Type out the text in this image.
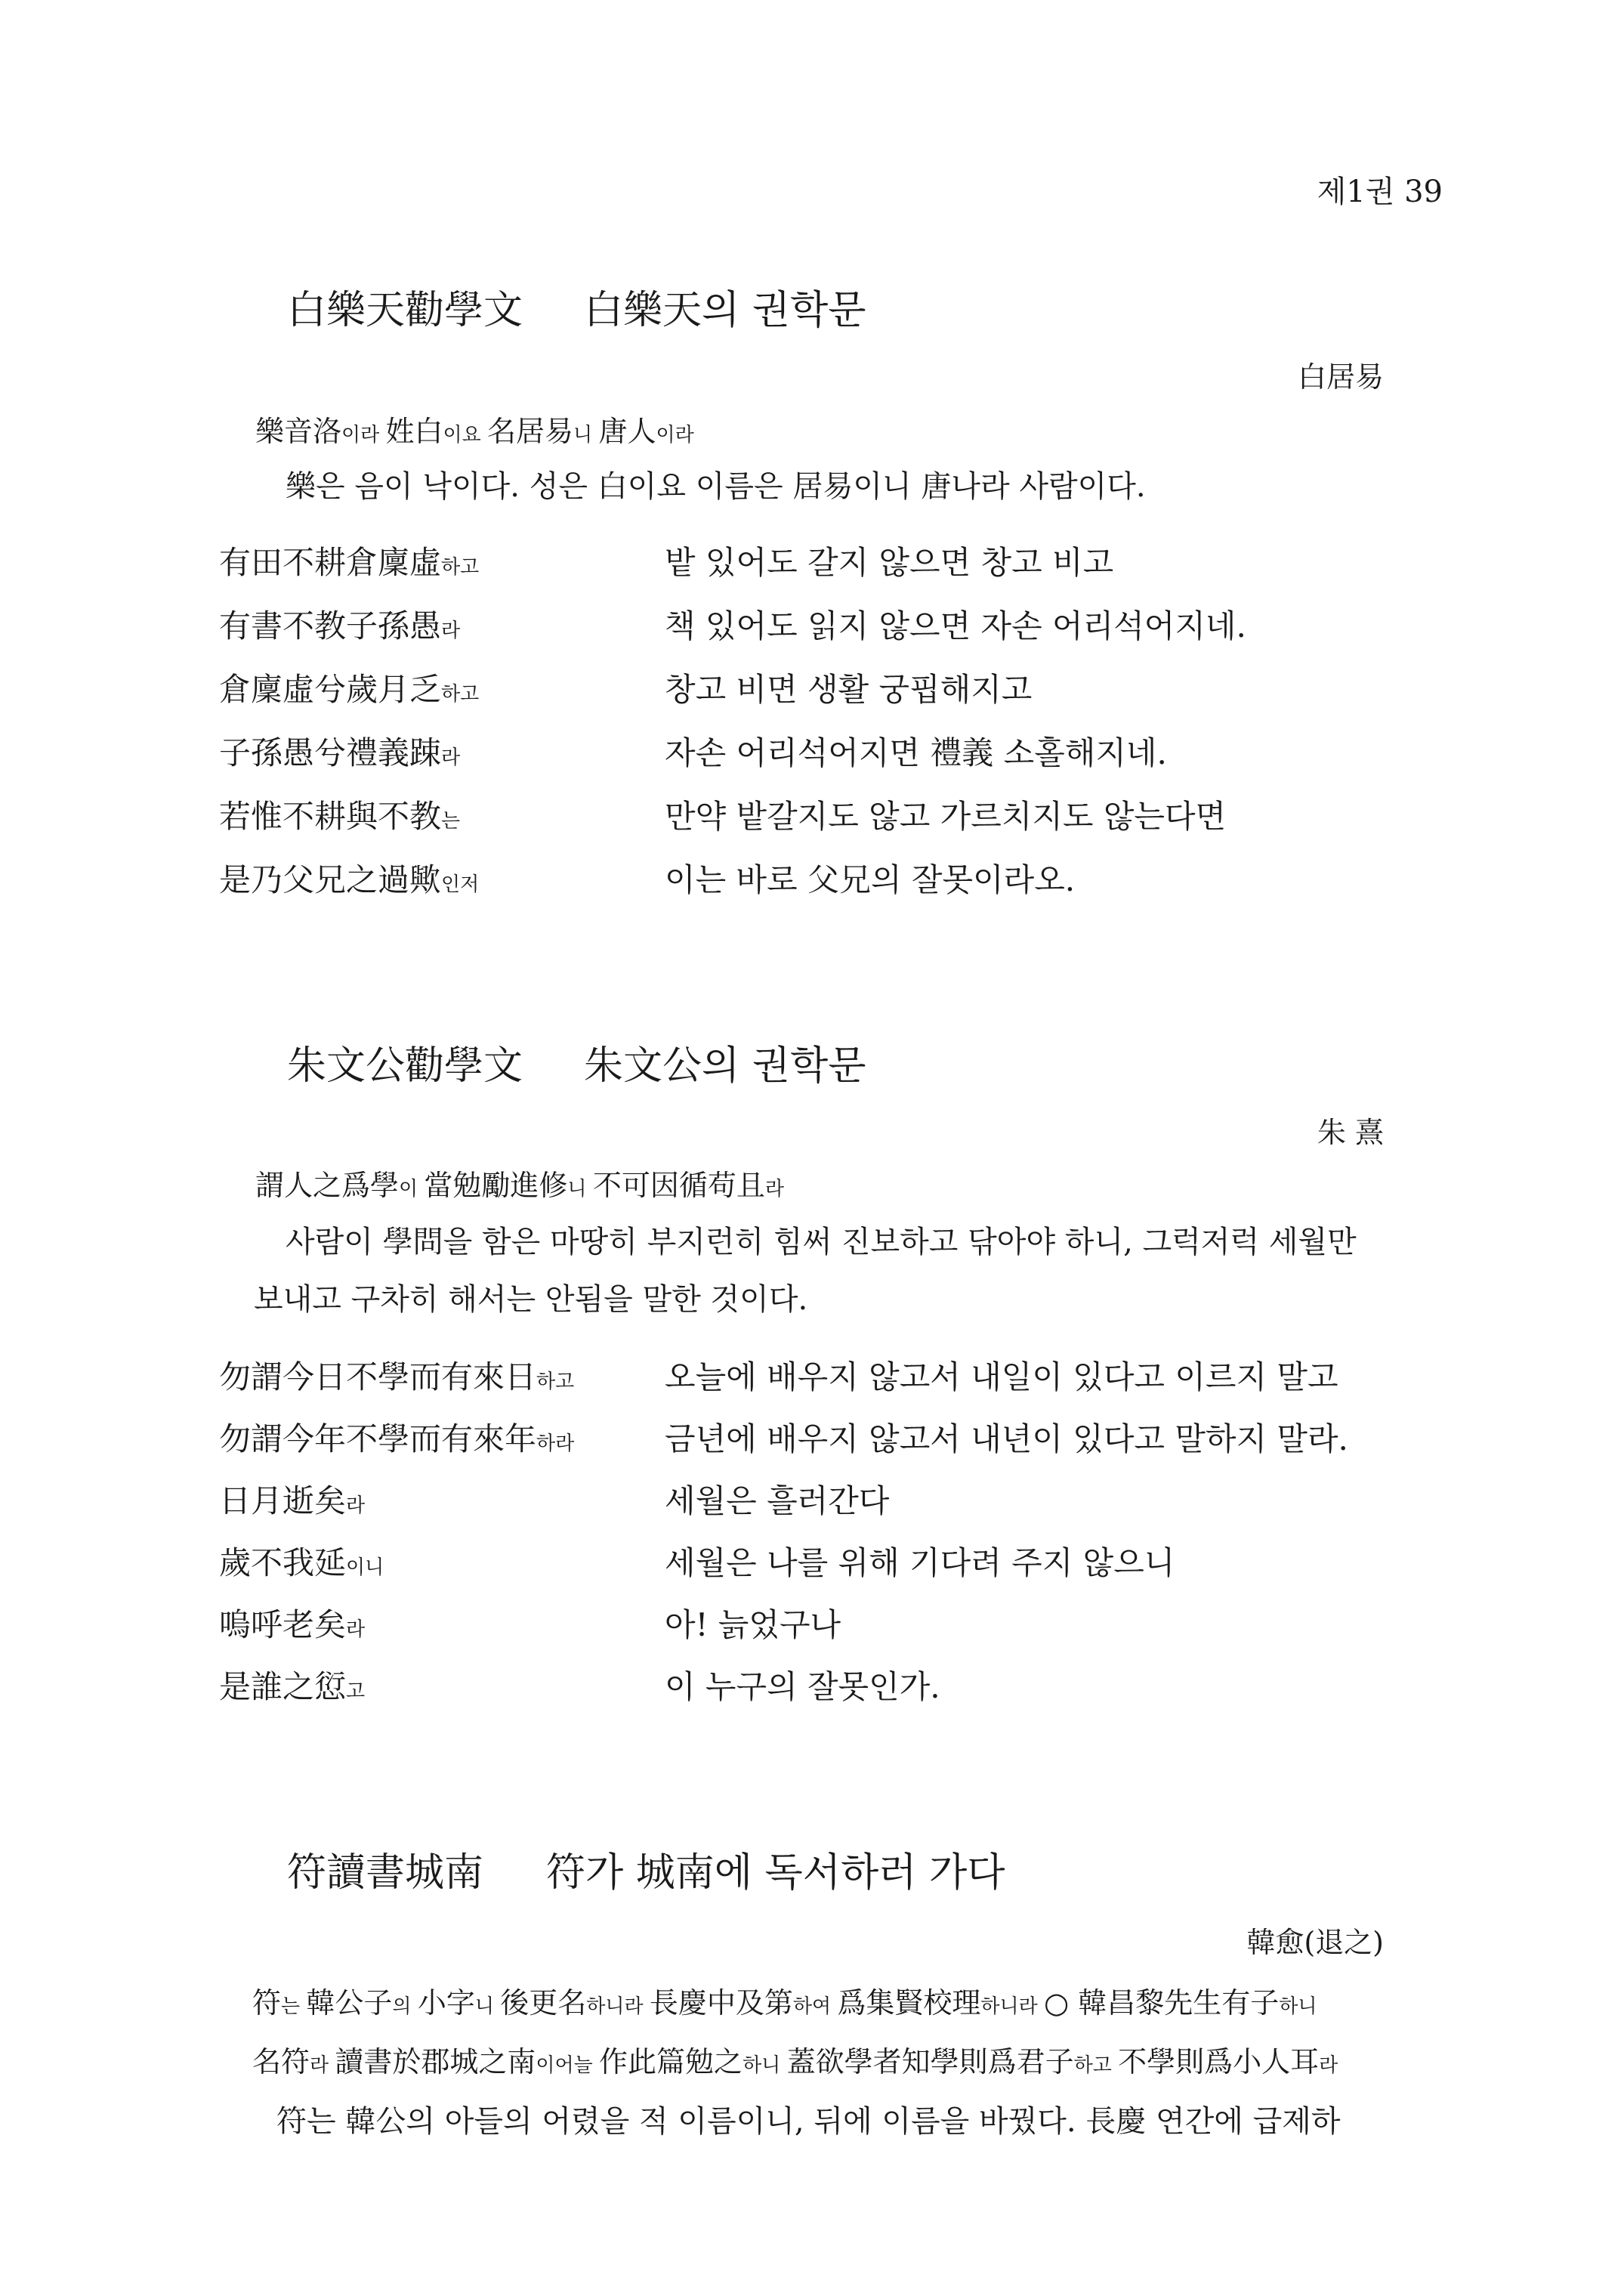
제1권 39
白樂天勸學文 白樂天의 권학문
白居易
樂音洛이라 姓白이요 名居易니 唐人이라
樂은 음이 낙이다. 성은 白이요 이름은 居易이니 唐나라 사람이다.
有田不耕倉廩虛하고	밭 있어도 갈지 않으면 창고 비고
有書不教子孫愚라	책 있어도 읽지 않으면 자손 어리석어지네.
倉廩虛兮歲月乏하고	창고 비면 생활 궁핍해지고
子孫愚兮禮義踈라	자손 어리석어지면 禮義 소홀해지네.
若惟不耕與不教는	만약 밭갈지도 않고 가르치지도 않는다면
是乃父兄之過歟인저	이는 바로 父兄의 잘못이라오.
朱文公勸學文 朱文公의 권학문
朱 熹
謂人之爲學이 當勉勵進修니 不可因循苟且라
사람이 學問을 함은 마땅히 부지런히 힘써 진보하고 닦아야 하니, 그럭저럭 세월만
보내고 구차히 해서는 안됨을 말한 것이다.
勿謂今日不學而有來日하고	오늘에 배우지 않고서 내일이 있다고 이르지 말고
勿謂今年不學而有來年하라	금년에 배우지 않고서 내년이 있다고 말하지 말라.
日月逝矣라	세월은 흘러간다
歲不我延이니	세월은 나를 위해 기다려 주지 않으니
嗚呼老矣라	아! 늙었구나
是誰之愆고	이 누구의 잘못인가.
符讀書城南 符가 城南에 독서하러 가다
韓愈(退之)
符는 韓公子의 小字니 後更名하니라 長慶中及第하여 爲集賢校理하니라 ○ 韓昌黎先生有子하니
名符라 讀書於郡城之南이어늘 作此篇勉之하니 蓋欲學者知學則爲君子하고 不學則爲小人耳라
符는 韓公의 아들의 어렸을 적 이름이니, 뒤에 이름을 바꿨다. 長慶 연간에 급제하
